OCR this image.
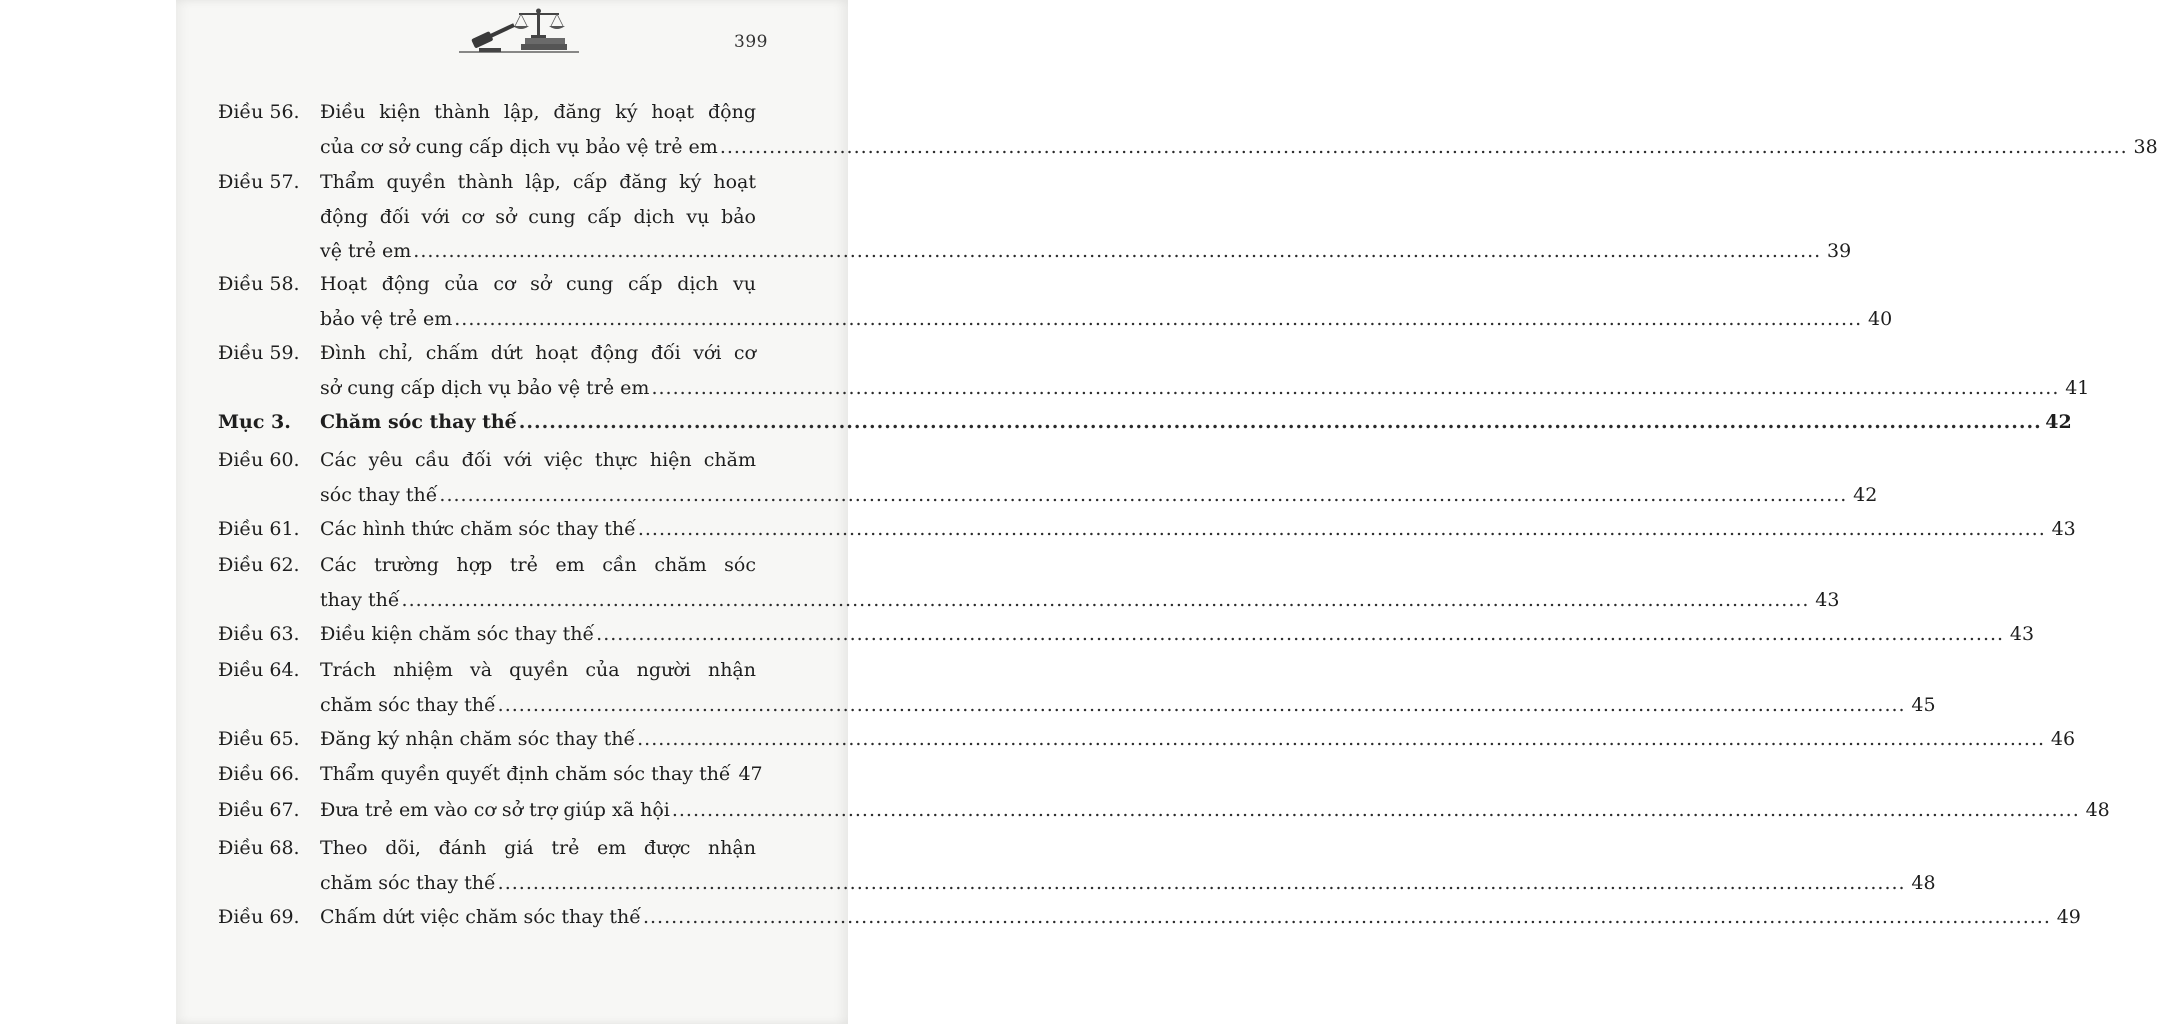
399
Điều 56. Điều kiện thành lập, đăng ký hoạt động
của cơ sở cung cấp dịch vụ bảo vệ trẻ em ........................................................................................................................................................................................................ 38
Điều 57. Thẩm quyền thành lập, cấp đăng ký hoạt
động đối với cơ sở cung cấp dịch vụ bảo
vệ trẻ em ........................................................................................................................................................................................................ 39
Điều 58. Hoạt động của cơ sở cung cấp dịch vụ
bảo vệ trẻ em ........................................................................................................................................................................................................ 40
Điều 59. Đình chỉ, chấm dứt hoạt động đối với cơ
sở cung cấp dịch vụ bảo vệ trẻ em ........................................................................................................................................................................................................ 41
Mục 3. Chăm sóc thay thế ........................................................................................................................................................................................................ 42
Điều 60. Các yêu cầu đối với việc thực hiện chăm
sóc thay thế ........................................................................................................................................................................................................ 42
Điều 61. Các hình thức chăm sóc thay thế ........................................................................................................................................................................................................ 43
Điều 62. Các trường hợp trẻ em cần chăm sóc
thay thế ........................................................................................................................................................................................................ 43
Điều 63. Điều kiện chăm sóc thay thế ........................................................................................................................................................................................................ 43
Điều 64. Trách nhiệm và quyền của người nhận
chăm sóc thay thế ........................................................................................................................................................................................................ 45
Điều 65. Đăng ký nhận chăm sóc thay thế ........................................................................................................................................................................................................ 46
Điều 66. Thẩm quyền quyết định chăm sóc thay thế 47
Điều 67. Đưa trẻ em vào cơ sở trợ giúp xã hội ........................................................................................................................................................................................................ 48
Điều 68. Theo dõi, đánh giá trẻ em được nhận
chăm sóc thay thế ........................................................................................................................................................................................................ 48
Điều 69. Chấm dứt việc chăm sóc thay thế ........................................................................................................................................................................................................ 49
